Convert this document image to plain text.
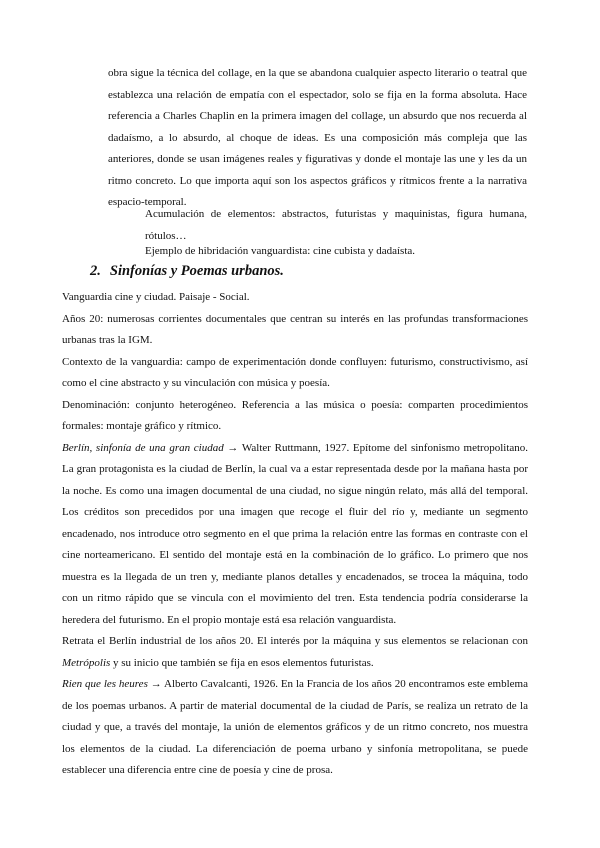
obra sigue la técnica del collage, en la que se abandona cualquier aspecto literario o teatral que establezca una relación de empatía con el espectador, solo se fija en la forma absoluta. Hace referencia a Charles Chaplin en la primera imagen del collage, un absurdo que nos recuerda al dadaísmo, a lo absurdo, al choque de ideas. Es una composición más compleja que las anteriores, donde se usan imágenes reales y figurativas y donde el montaje las une y les da un ritmo concreto. Lo que importa aquí son los aspectos gráficos y rítmicos frente a la narrativa espacio-temporal.
Acumulación de elementos: abstractos, futuristas y maquinistas, figura humana, rótulos…
Ejemplo de hibridación vanguardista: cine cubista y dadaísta.
2. Sinfonías y Poemas urbanos.

Vanguardia cine y ciudad. Paisaje - Social.

Años 20: numerosas corrientes documentales que centran su interés en las profundas transformaciones urbanas tras la IGM.

Contexto de la vanguardia: campo de experimentación donde confluyen: futurismo, constructivismo, así como el cine abstracto y su vinculación con música y poesía.

Denominación: conjunto heterogéneo. Referencia a las música o poesía: comparten procedimientos formales: montaje gráfico y rítmico.

Berlín, sinfonía de una gran ciudad → Walter Ruttmann, 1927. Epítome del sinfonismo metropolitano. La gran protagonista es la ciudad de Berlín, la cual va a estar representada desde por la mañana hasta por la noche. Es como una imagen documental de una ciudad, no sigue ningún relato, más allá del temporal. Los créditos son precedidos por una imagen que recoge el fluir del río y, mediante un segmento encadenado, nos introduce otro segmento en el que prima la relación entre las formas en contraste con el cine norteamericano. El sentido del montaje está en la combinación de lo gráfico. Lo primero que nos muestra es la llegada de un tren y, mediante planos detalles y encadenados, se trocea la máquina, todo con un ritmo rápido que se vincula con el movimiento del tren. Esta tendencia podría considerarse la heredera del futurismo. En el propio montaje está esa relación vanguardista.

Retrata el Berlín industrial de los años 20. El interés por la máquina y sus elementos se relacionan con Metrópolis y su inicio que también se fija en esos elementos futuristas.

Rien que les heures → Alberto Cavalcanti, 1926. En la Francia de los años 20 encontramos este emblema de los poemas urbanos. A partir de material documental de la ciudad de París, se realiza un retrato de la ciudad y que, a través del montaje, la unión de elementos gráficos y de un ritmo concreto, nos muestra los elementos de la ciudad. La diferenciación de poema urbano y sinfonía metropolitana, se puede establecer una diferencia entre cine de poesía y cine de prosa.
